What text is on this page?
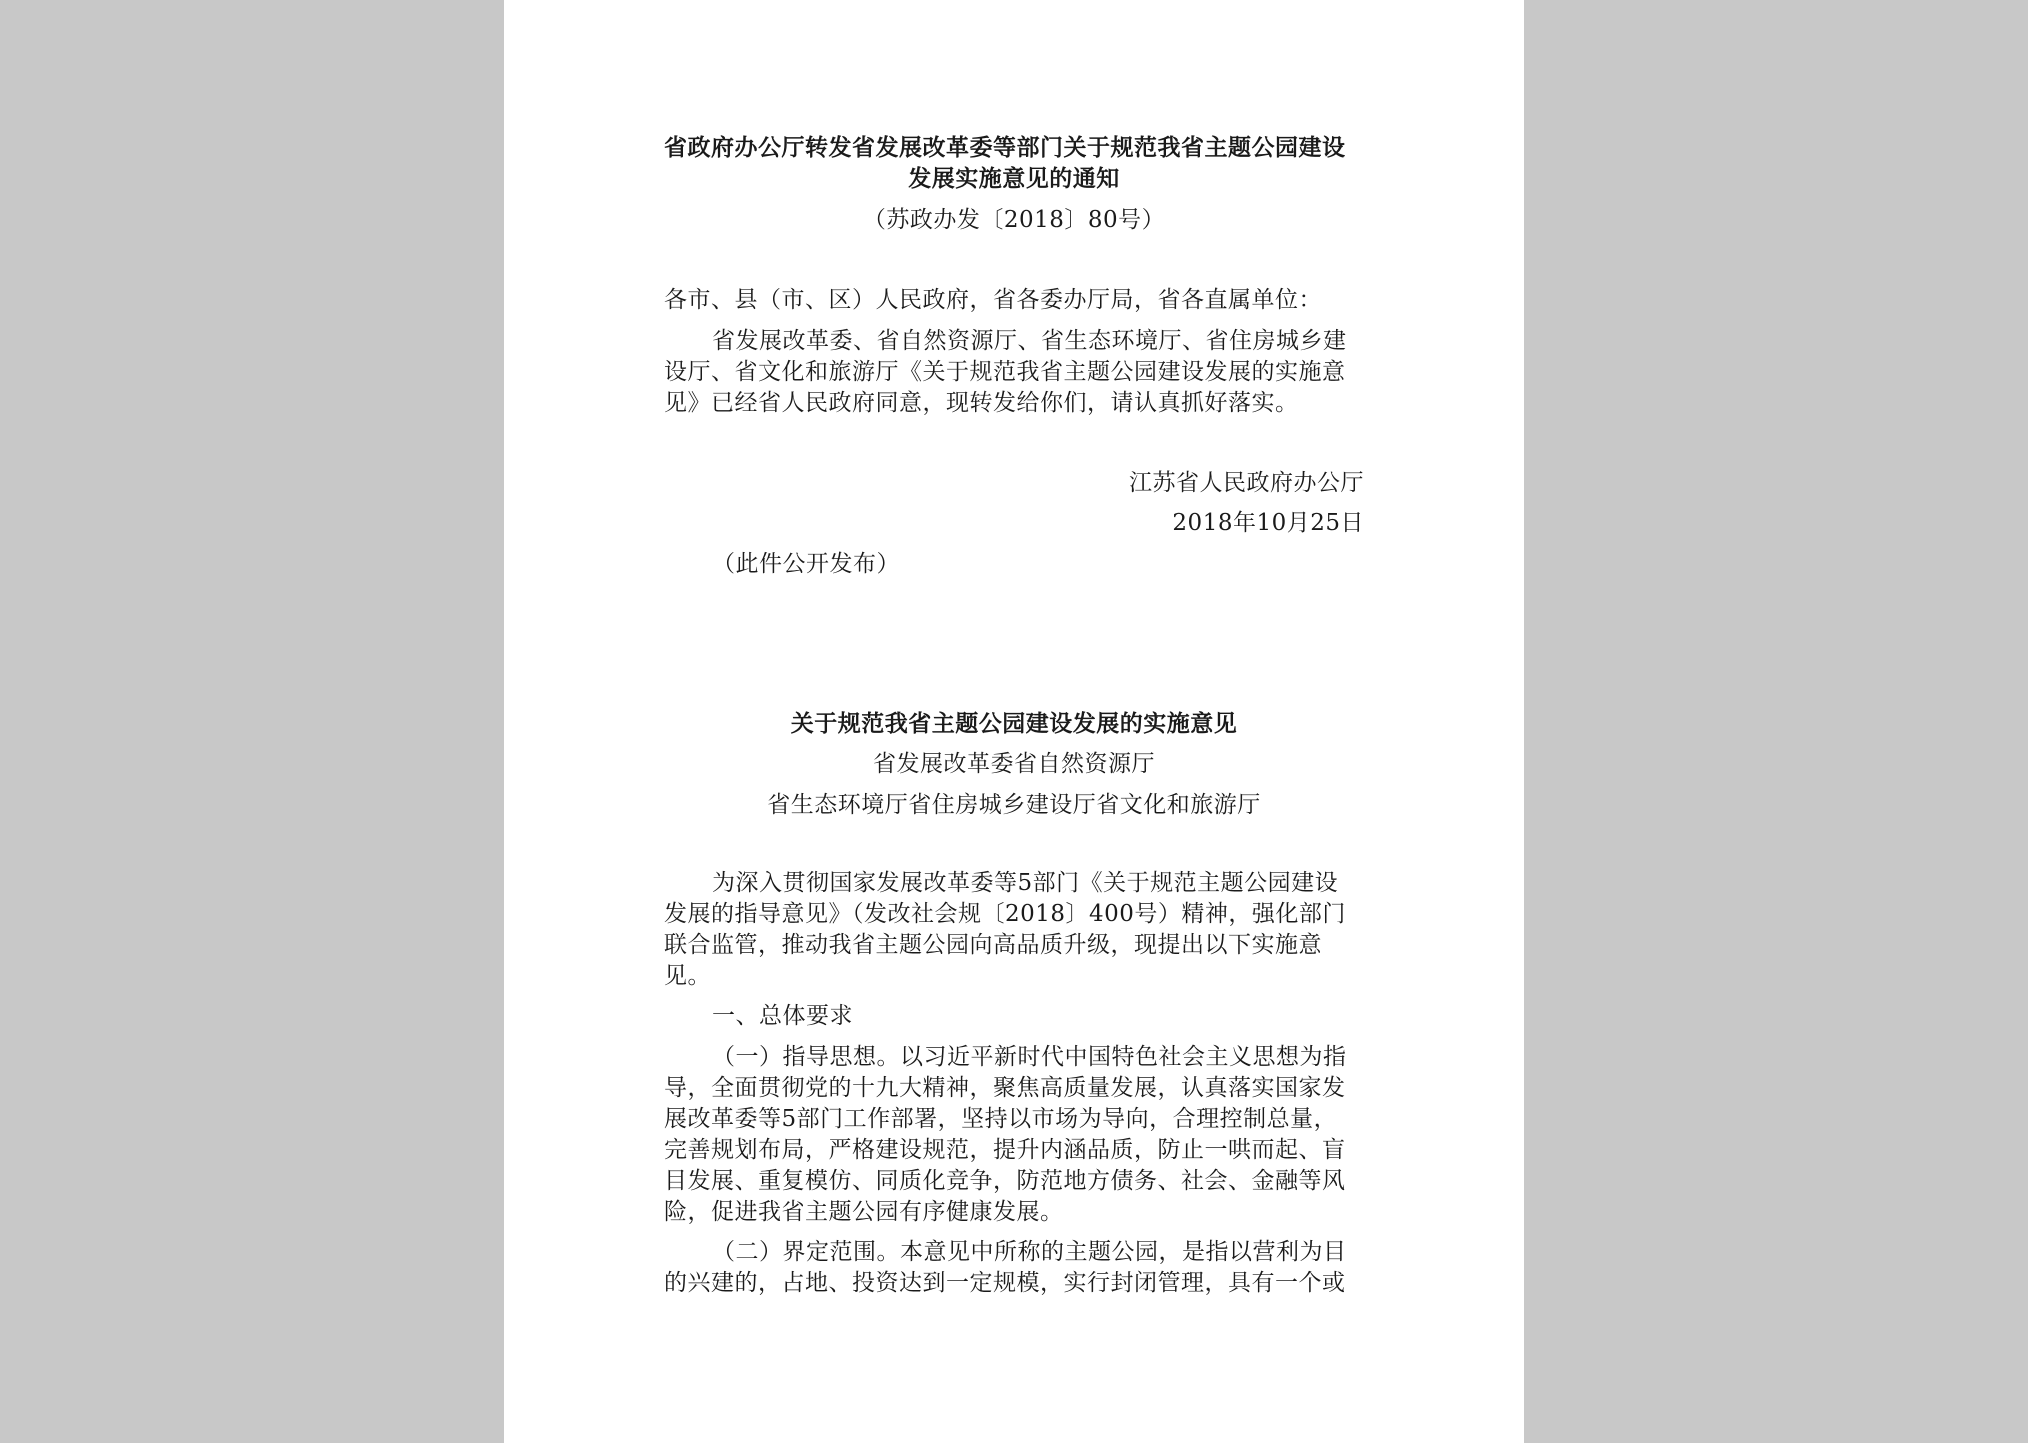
省政府办公厅转发省发展改革委等部门关于规范我省主题公园建设
发展实施意见的通知
（苏政办发〔2018〕80号）
各市、县（市、区）人民政府，省各委办厅局，省各直属单位：
省发展改革委、省自然资源厅、省生态环境厅、省住房城乡建
设厅、省文化和旅游厅《关于规范我省主题公园建设发展的实施意
见》已经省人民政府同意，现转发给你们，请认真抓好落实。
江苏省人民政府办公厅
2018年10月25日
（此件公开发布）
关于规范我省主题公园建设发展的实施意见
省发展改革委省自然资源厅
省生态环境厅省住房城乡建设厅省文化和旅游厅
为深入贯彻国家发展改革委等5部门《关于规范主题公园建设
发展的指导意见》（发改社会规〔2018〕400号）精神，强化部门
联合监管，推动我省主题公园向高品质升级，现提出以下实施意
见。
一、总体要求
（一）指导思想。以习近平新时代中国特色社会主义思想为指
导，全面贯彻党的十九大精神，聚焦高质量发展，认真落实国家发
展改革委等5部门工作部署，坚持以市场为导向，合理控制总量，
完善规划布局，严格建设规范，提升内涵品质，防止一哄而起、盲
目发展、重复模仿、同质化竞争，防范地方债务、社会、金融等风
险，促进我省主题公园有序健康发展。
（二）界定范围。本意见中所称的主题公园，是指以营利为目
的兴建的，占地、投资达到一定规模，实行封闭管理，具有一个或
